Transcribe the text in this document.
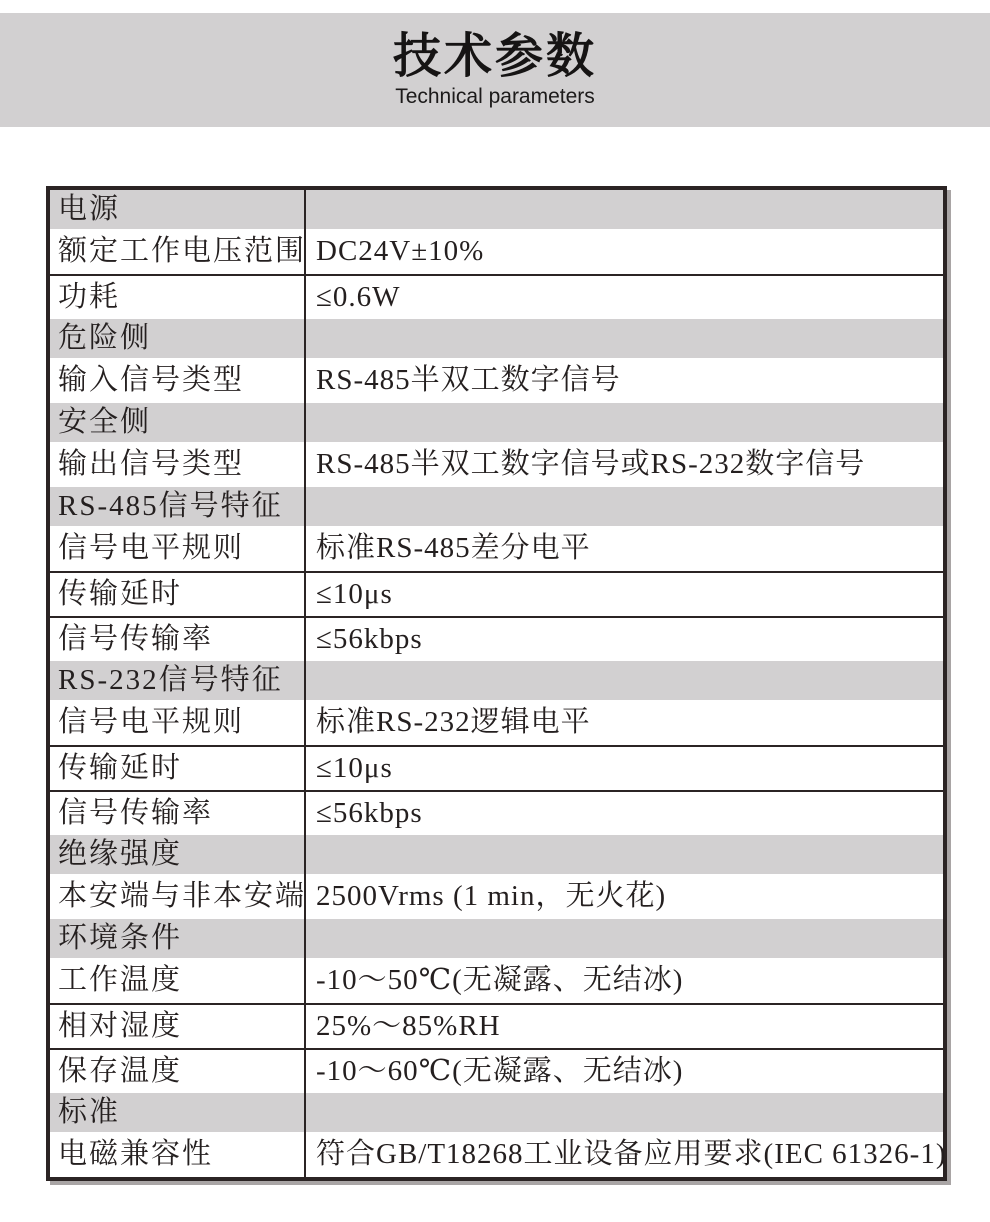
技术参数
Technical parameters
电源
额定工作电压范围 DC24V±10%
功耗	≤0.6W
危险侧
输入信号类型	RS-485半双工数字信号
安全侧
输出信号类型	RS-485半双工数字信号或RS-232数字信号
RS-485信号特征
信号电平规则	标准RS-485差分电平
传输延时	≤10μs
信号传输率	≤56kbps
RS-232信号特征
信号电平规则	标准RS-232逻辑电平
传输延时	≤10μs
信号传输率	≤56kbps
绝缘强度
本安端与非本安端 2500Vrms (1 min，无火花)
环境条件
工作温度	-10～50℃(无凝露、无结冰)
相对湿度	25%～85%RH
保存温度	-10～60℃(无凝露、无结冰)
标准
电磁兼容性	符合GB/T18268工业设备应用要求(IEC 61326-1)
